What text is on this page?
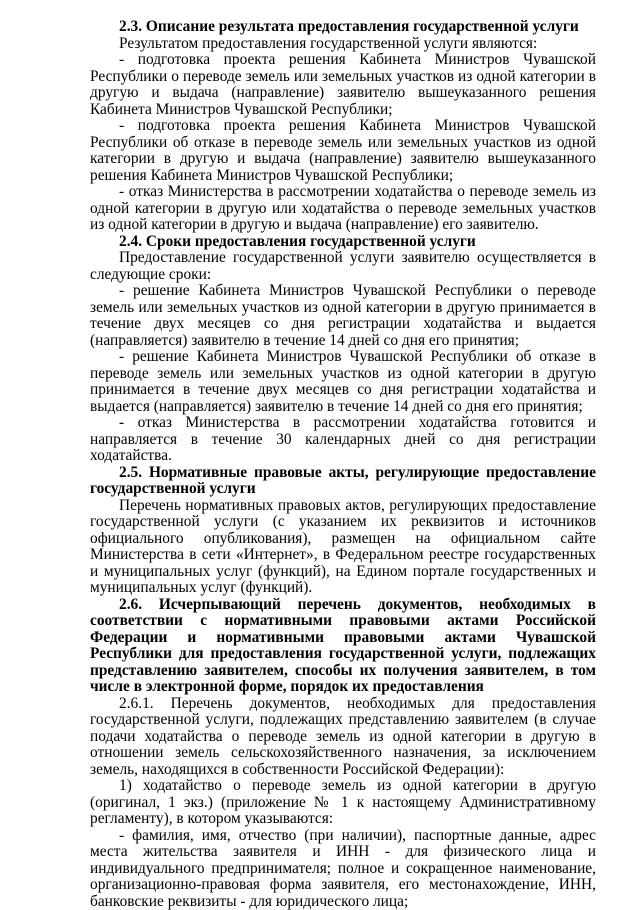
2.3. Описание результата предоставления государственной услуги

Результатом предоставления государственной услуги являются:

- подготовка проекта решения Кабинета Министров Чувашской Республики о переводе земель или земельных участков из одной категории в другую и выдача (направление) заявителю вышеуказанного решения Кабинета Министров Чувашской Республики;

- подготовка проекта решения Кабинета Министров Чувашской Республики об отказе в переводе земель или земельных участков из одной категории в другую и выдача (направление) заявителю вышеуказанного решения Кабинета Министров Чувашской Республики;

- отказ Министерства в рассмотрении ходатайства о переводе земель из одной категории в другую или ходатайства о переводе земельных участков из одной категории в другую и выдача (направление) его заявителю.

2.4. Сроки предоставления государственной услуги

Предоставление государственной услуги заявителю осуществляется в следующие сроки:

- решение Кабинета Министров Чувашской Республики о переводе земель или земельных участков из одной категории в другую принимается в течение двух месяцев со дня регистрации ходатайства и выдается (направляется) заявителю в течение 14 дней со дня его принятия;

- решение Кабинета Министров Чувашской Республики об отказе в переводе земель или земельных участков из одной категории в другую принимается в течение двух месяцев со дня регистрации ходатайства и выдается (направляется) заявителю в течение 14 дней со дня его принятия;

- отказ Министерства в рассмотрении ходатайства готовится и направляется в течение 30 календарных дней со дня регистрации ходатайства.

2.5. Нормативные правовые акты, регулирующие предоставление государственной услуги

Перечень нормативных правовых актов, регулирующих предоставление государственной услуги (с указанием их реквизитов и источников официального опубликования), размещен на официальном сайте Министерства в сети «Интернет», в Федеральном реестре государственных и муниципальных услуг (функций), на Едином портале государственных и муниципальных услуг (функций).

2.6. Исчерпывающий перечень документов, необходимых в соответствии с нормативными правовыми актами Российской Федерации и нормативными правовыми актами Чувашской Республики для предоставления государственной услуги, подлежащих представлению заявителем, способы их получения заявителем, в том числе в электронной форме, порядок их предоставления

2.6.1. Перечень документов, необходимых для предоставления государственной услуги, подлежащих представлению заявителем (в случае подачи ходатайства о переводе земель из одной категории в другую в отношении земель сельскохозяйственного назначения, за исключением земель, находящихся в собственности Российской Федерации):

1) ходатайство о переводе земель из одной категории в другую (оригинал, 1 экз.) (приложение № 1 к настоящему Административному регламенту), в котором указываются:

- фамилия, имя, отчество (при наличии), паспортные данные, адрес места жительства заявителя и ИНН - для физического лица и индивидуального предпринимателя; полное и сокращенное наименование, организационно-правовая форма заявителя, его местонахождение, ИНН, банковские реквизиты - для юридического лица;
